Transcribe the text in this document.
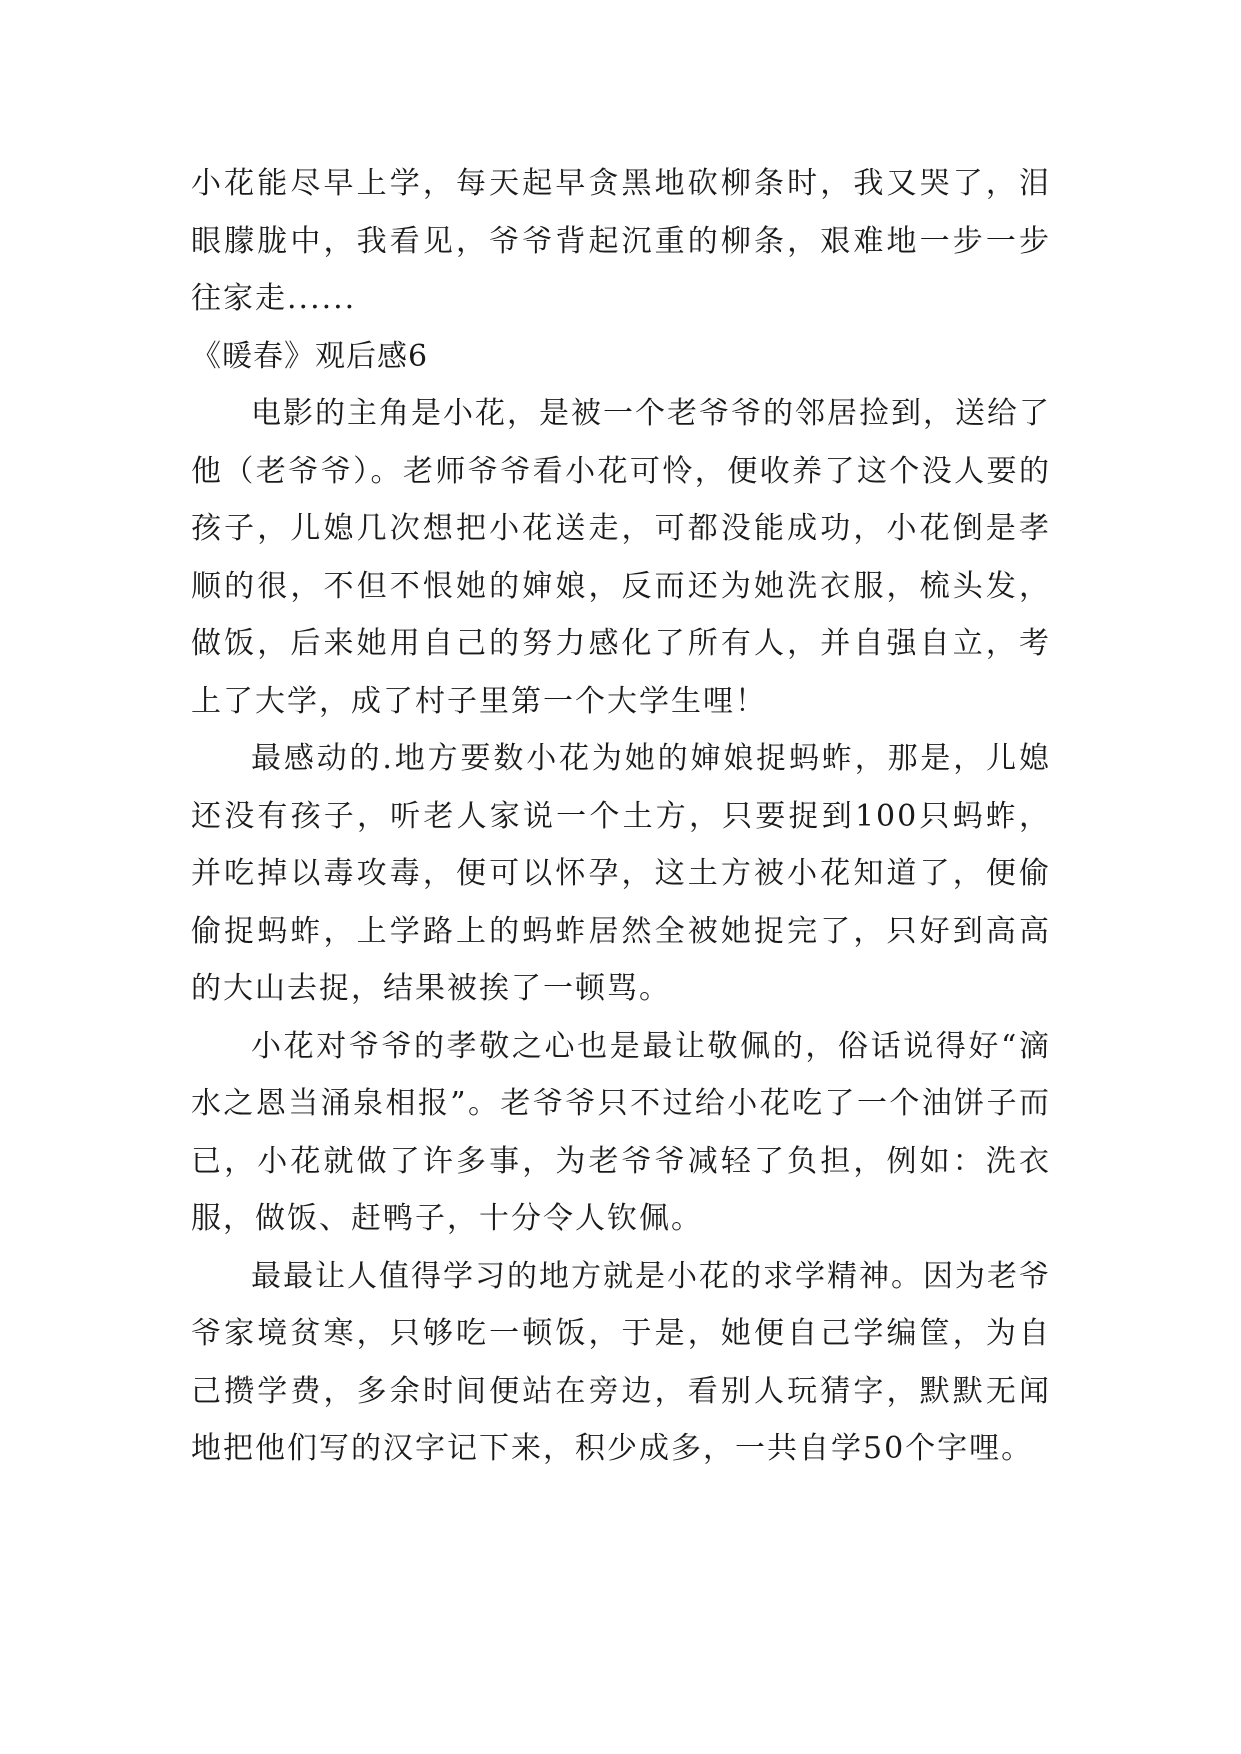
小花能尽早上学，每天起早贪黑地砍柳条时，我又哭了，泪眼朦胧中，我看见，爷爷背起沉重的柳条，艰难地一步一步往家走......

《暖春》观后感6

电影的主角是小花，是被一个老爷爷的邻居捡到，送给了他（老爷爷）。老师爷爷看小花可怜，便收养了这个没人要的孩子，儿媳几次想把小花送走，可都没能成功，小花倒是孝顺的很，不但不恨她的婶娘，反而还为她洗衣服，梳头发，做饭，后来她用自己的努力感化了所有人，并自强自立，考上了大学，成了村子里第一个大学生哩！

最感动的.地方要数小花为她的婶娘捉蚂蚱，那是，儿媳还没有孩子，听老人家说一个土方，只要捉到100只蚂蚱，并吃掉以毒攻毒，便可以怀孕，这土方被小花知道了，便偷偷捉蚂蚱，上学路上的蚂蚱居然全被她捉完了，只好到高高的大山去捉，结果被挨了一顿骂。

小花对爷爷的孝敬之心也是最让敬佩的，俗话说得好“滴水之恩当涌泉相报”。老爷爷只不过给小花吃了一个油饼子而已，小花就做了许多事，为老爷爷减轻了负担，例如：洗衣服，做饭、赶鸭子，十分令人钦佩。

最最让人值得学习的地方就是小花的求学精神。因为老爷爷家境贫寒，只够吃一顿饭，于是，她便自己学编筐，为自己攒学费，多余时间便站在旁边，看别人玩猜字，默默无闻地把他们写的汉字记下来，积少成多，一共自学50个字哩。
